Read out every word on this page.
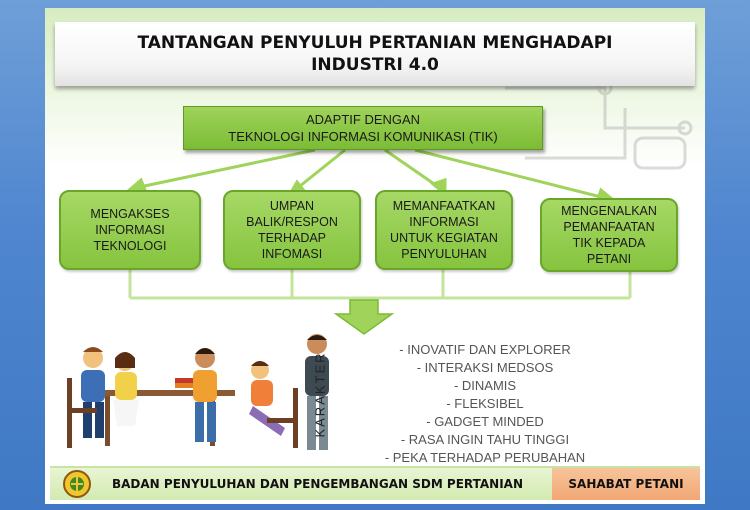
TANTANGAN PENYULUH PERTANIAN MENGHADAPI
INDUSTRI 4.0
ADAPTIF DENGAN
TEKNOLOGI INFORMASI KOMUNIKASI (TIK)
MENGAKSES
INFORMASI
TEKNOLOGI
UMPAN
BALIK/RESPON
TERHADAP
INFOMASI
MEMANFAATKAN
INFORMASI
UNTUK KEGIATAN
PENYULUHAN
MENGENALKAN
PEMANFAATAN
TIK KEPADA
PETANI
KARAKTER
- INOVATIF DAN EXPLORER
- INTERAKSI MEDSOS
- DINAMIS
- FLEKSIBEL
- GADGET MINDED
- RASA INGIN TAHU TINGGI
- PEKA TERHADAP PERUBAHAN
BADAN PENYULUHAN DAN PENGEMBANGAN SDM PERTANIAN	SAHABAT PETANI
